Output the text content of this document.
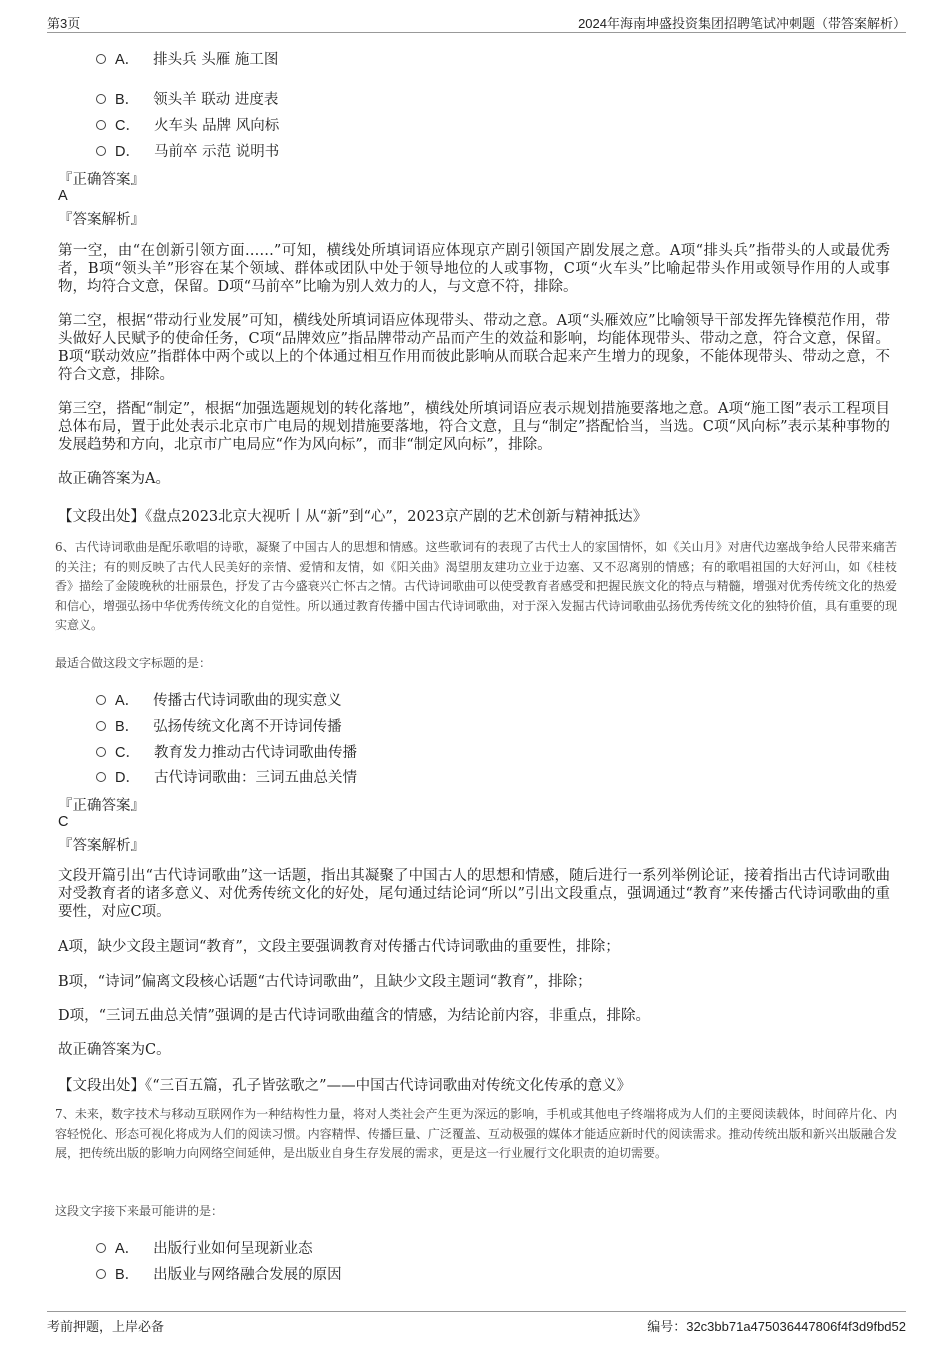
第3页	2024年海南坤盛投资集团招聘笔试冲刺题（带答案解析）
A． 排头兵 头雁 施工图
B． 领头羊 联动 进度表
C． 火车头 品牌 风向标
D． 马前卒 示范 说明书
『正确答案』
A
『答案解析』
第一空，由“在创新引领方面……”可知，横线处所填词语应体现京产剧引领国产剧发展之意。A项“排头兵”指带头的人或最优秀者，B项“领头羊”形容在某个领域、群体或团队中处于领导地位的人或事物，C项“火车头”比喻起带头作用或领导作用的人或事物，均符合文意，保留。D项“马前卒”比喻为别人效力的人，与文意不符，排除。
第二空，根据“带动行业发展”可知，横线处所填词语应体现带头、带动之意。A项“头雁效应”比喻领导干部发挥先锋模范作用，带头做好人民赋予的使命任务，C项“品牌效应”指品牌带动产品而产生的效益和影响，均能体现带头、带动之意，符合文意，保留。B项“联动效应”指群体中两个或以上的个体通过相互作用而彼此影响从而联合起来产生增力的现象，不能体现带头、带动之意，不符合文意，排除。
第三空，搭配“制定”，根据“加强选题规划的转化落地”，横线处所填词语应表示规划措施要落地之意。A项“施工图”表示工程项目总体布局，置于此处表示北京市广电局的规划措施要落地，符合文意，且与“制定”搭配恰当，当选。C项“风向标”表示某种事物的发展趋势和方向，北京市广电局应“作为风向标”，而非“制定风向标”，排除。
故正确答案为A。
【文段出处】《盘点2023北京大视听丨从“新”到“心”，2023京产剧的艺术创新与精神抵达》
6、古代诗词歌曲是配乐歌唱的诗歌，凝聚了中国古人的思想和情感。这些歌词有的表现了古代士人的家国情怀，如《关山月》对唐代边塞战争给人民带来痛苦的关注；有的则反映了古代人民美好的亲情、爱情和友情，如《阳关曲》渴望朋友建功立业于边塞、又不忍离别的情感；有的歌唱祖国的大好河山，如《桂枝香》描绘了金陵晚秋的壮丽景色，抒发了古今盛衰兴亡怀古之情。古代诗词歌曲可以使受教育者感受和把握民族文化的特点与精髓，增强对优秀传统文化的热爱和信心，增强弘扬中华优秀传统文化的自觉性。所以通过教育传播中国古代诗词歌曲，对于深入发掘古代诗词歌曲弘扬优秀传统文化的独特价值，具有重要的现实意义。
最适合做这段文字标题的是：
A． 传播古代诗词歌曲的现实意义
B． 弘扬传统文化离不开诗词传播
C． 教育发力推动古代诗词歌曲传播
D． 古代诗词歌曲：三词五曲总关情
『正确答案』
C
『答案解析』
文段开篇引出“古代诗词歌曲”这一话题，指出其凝聚了中国古人的思想和情感，随后进行一系列举例论证，接着指出古代诗词歌曲对受教育者的诸多意义、对优秀传统文化的好处，尾句通过结论词“所以”引出文段重点，强调通过“教育”来传播古代诗词歌曲的重要性，对应C项。
A项，缺少文段主题词“教育”，文段主要强调教育对传播古代诗词歌曲的重要性，排除；
B项，“诗词”偏离文段核心话题“古代诗词歌曲”，且缺少文段主题词“教育”，排除；
D项，“三词五曲总关情”强调的是古代诗词歌曲蕴含的情感，为结论前内容，非重点，排除。
故正确答案为C。
【文段出处】《“三百五篇，孔子皆弦歌之”——中国古代诗词歌曲对传统文化传承的意义》
7、未来，数字技术与移动互联网作为一种结构性力量，将对人类社会产生更为深远的影响，手机或其他电子终端将成为人们的主要阅读载体，时间碎片化、内容轻悦化、形态可视化将成为人们的阅读习惯。内容精悍、传播巨量、广泛覆盖、互动极强的媒体才能适应新时代的阅读需求。推动传统出版和新兴出版融合发展，把传统出版的影响力向网络空间延伸，是出版业自身生存发展的需求，更是这一行业履行文化职责的迫切需要。
这段文字接下来最可能讲的是：
A． 出版行业如何呈现新业态
B． 出版业与网络融合发展的原因
考前押题，上岸必备	编号：32c3bb71a475036447806f4f3d9fbd52
